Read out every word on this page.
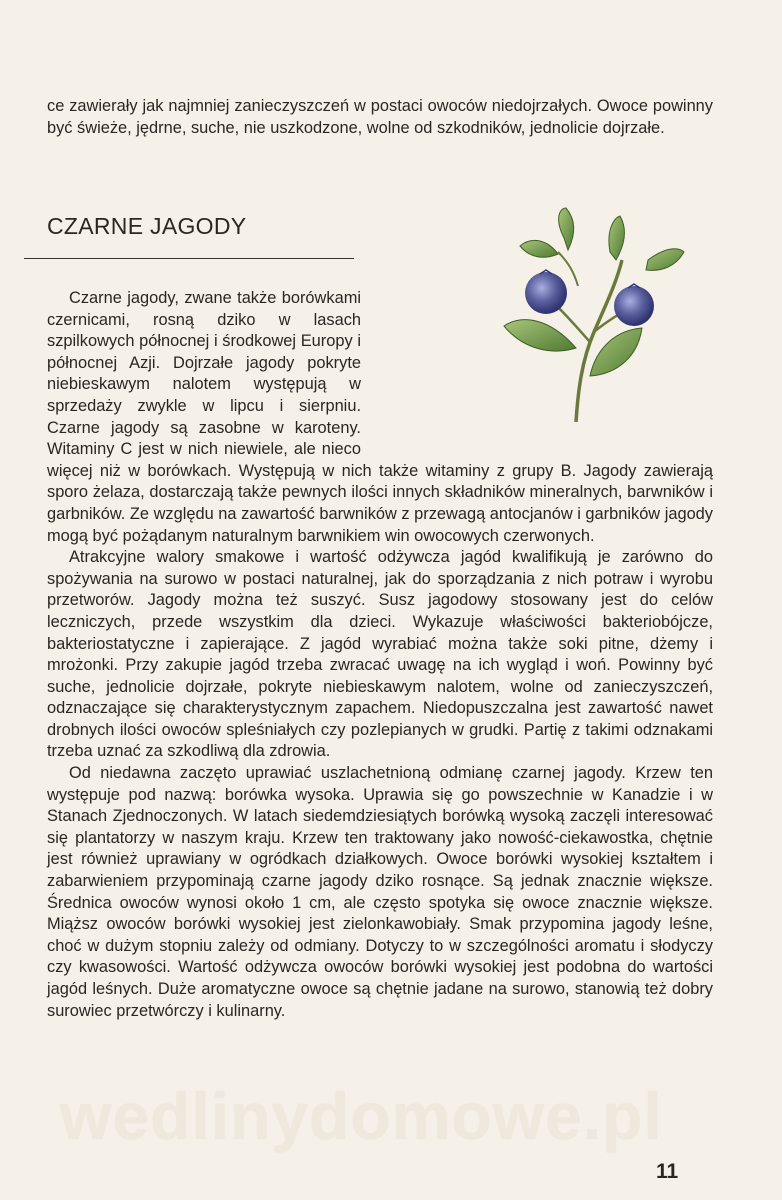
ce zawierały jak najmniej zanieczyszczeń w postaci owoców niedojrzałych. Owoce powinny być świeże, jędrne, suche, nie uszkodzone, wolne od szkodników, jednolicie dojrzałe.

CZARNE JAGODY

Czarne jagody, zwane także borówkami czernicami, rosną dziko w lasach szpilkowych północnej i środkowej Europy i północnej Azji. Dojrzałe jagody pokryte niebieskawym nalotem występują w sprzedaży zwykle w lipcu i sierpniu. Czarne jagody są zasobne w karoteny. Witaminy C jest w nich niewiele, ale nieco więcej niż w borówkach. Występują w nich także witaminy z grupy B. Jagody zawierają sporo żelaza, dostarczają także pewnych ilości innych składników mineralnych, barwników i garbników. Ze względu na zawartość barwników z przewagą antocjanów i garbników jagody mogą być pożądanym naturalnym barwnikiem win owocowych czerwonych.

Atrakcyjne walory smakowe i wartość odżywcza jagód kwalifikują je zarówno do spożywania na surowo w postaci naturalnej, jak do sporządzania z nich potraw i wyrobu przetworów. Jagody można też suszyć. Susz jagodowy stosowany jest do celów leczniczych, przede wszystkim dla dzieci. Wykazuje właściwości bakteriobójcze, bakteriostatyczne i zapierające. Z jagód wyrabiać można także soki pitne, dżemy i mrożonki. Przy zakupie jagód trzeba zwracać uwagę na ich wygląd i woń. Powinny być suche, jednolicie dojrzałe, pokryte niebieskawym nalotem, wolne od zanieczyszczeń, odznaczające się charakterystycznym zapachem. Niedopuszczalna jest zawartość nawet drobnych ilości owoców spleśniałych czy pozlepianych w grudki. Partię z takimi odznakami trzeba uznać za szkodliwą dla zdrowia.

Od niedawna zaczęto uprawiać uszlachetnioną odmianę czarnej jagody. Krzew ten występuje pod nazwą: borówka wysoka. Uprawia się go powszechnie w Kanadzie i w Stanach Zjednoczonych. W latach siedemdziesiątych borówką wysoką zaczęli interesować się plantatorzy w naszym kraju. Krzew ten traktowany jako nowość-ciekawostka, chętnie jest również uprawiany w ogródkach działkowych. Owoce borówki wysokiej kształtem i zabarwieniem przypominają czarne jagody dziko rosnące. Są jednak znacznie większe. Średnica owoców wynosi około 1 cm, ale często spotyka się owoce znacznie większe. Miąższ owoców borówki wysokiej jest zielonkawobiały. Smak przypomina jagody leśne, choć w dużym stopniu zależy od odmiany. Dotyczy to w szczególności aromatu i słodyczy czy kwasowości. Wartość odżywcza owoców borówki wysokiej jest podobna do wartości jagód leśnych. Duże aromatyczne owoce są chętnie jadane na surowo, stanowią też dobry surowiec przetwórczy i kulinarny.

wedlinydomowe.pl
11
